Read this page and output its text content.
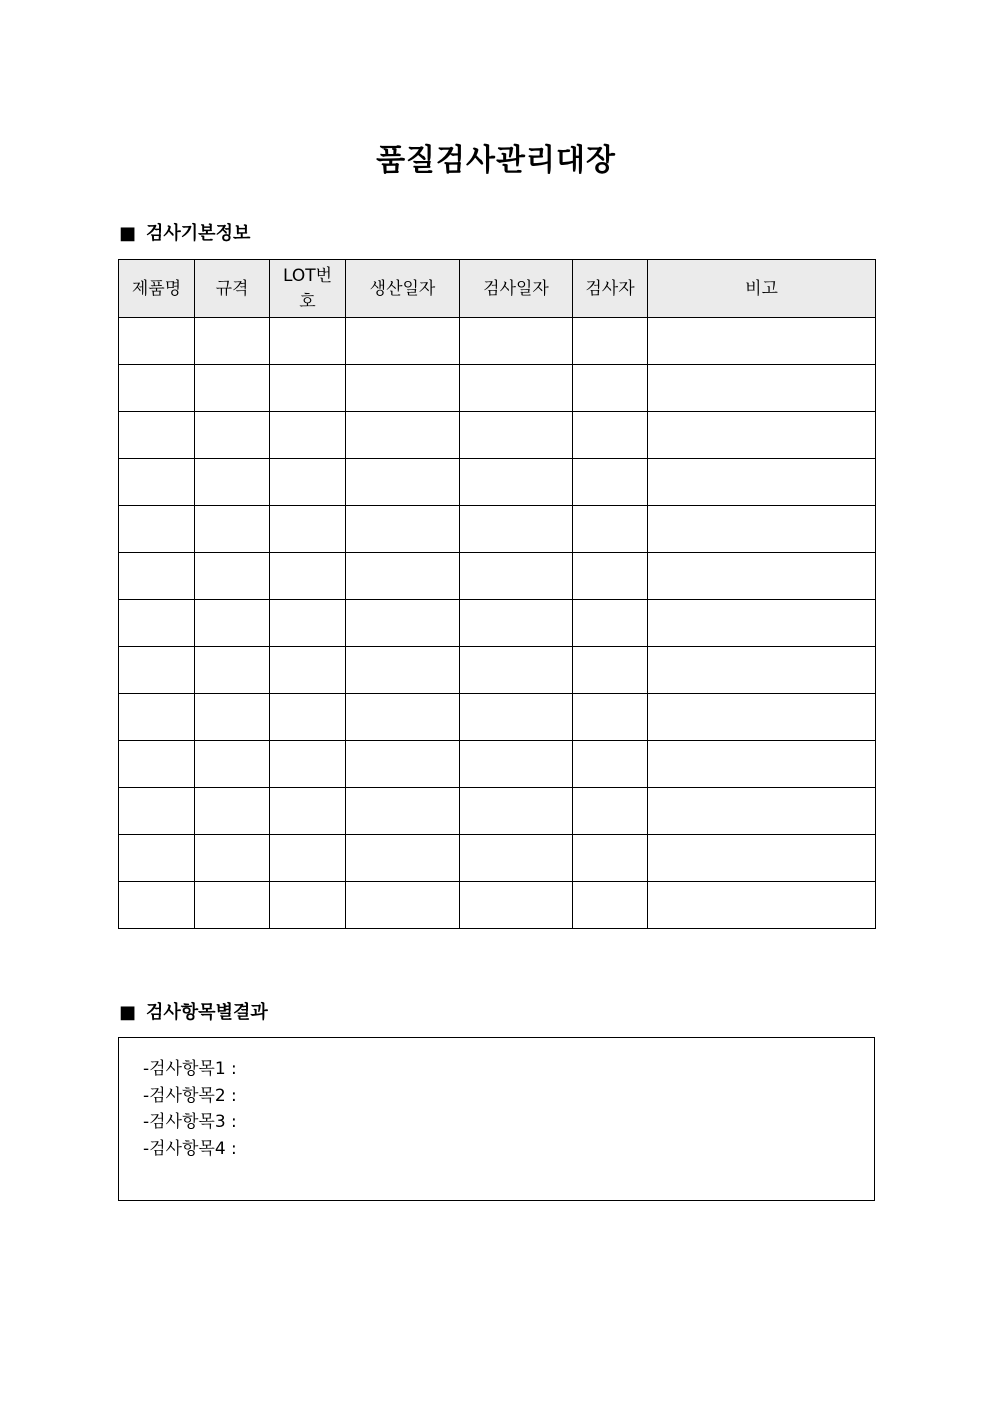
품질검사관리대장
■ 검사기본정보
제품명	규격	LOT번호	생산일자	검사일자	검사자	비고

■ 검사항목별결과

-검사항목1 :

-검사항목2 :

-검사항목3 :

-검사항목4 :
